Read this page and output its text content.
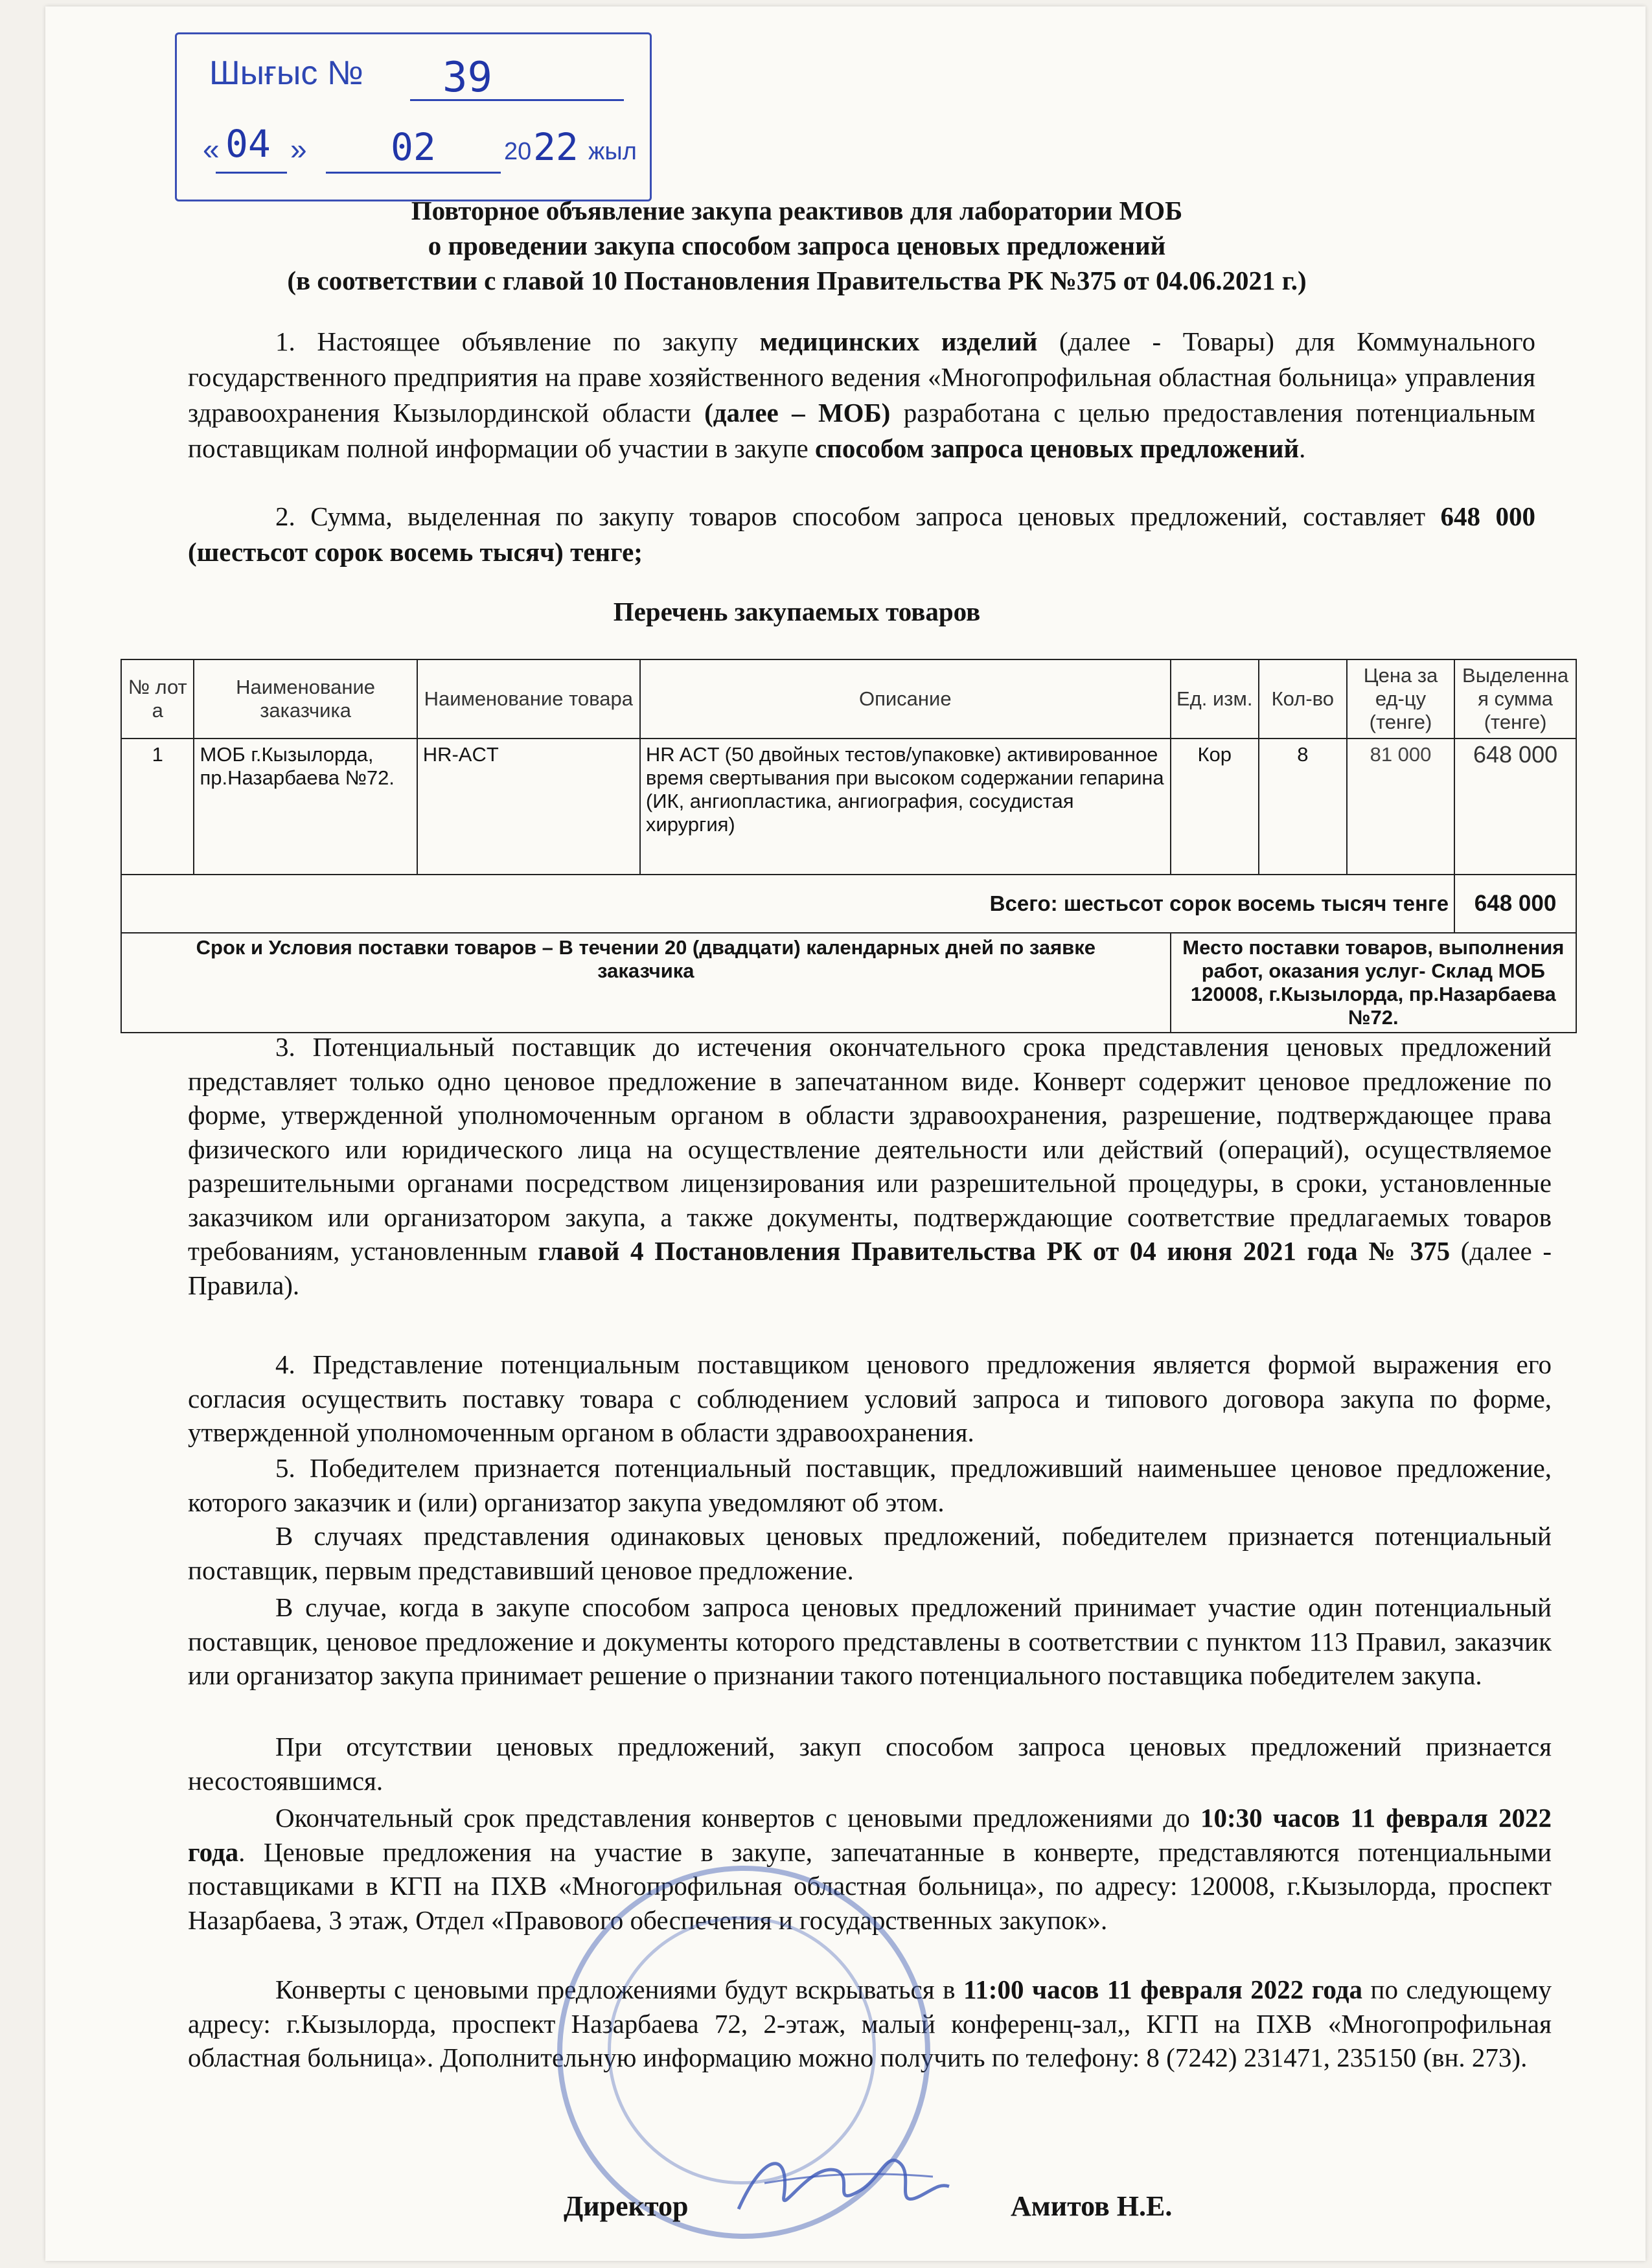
Шығыс № 39
« 04 » 02	20 22 жыл
Повторное объявление закупа реактивов для лаборатории МОБ
о проведении закупа способом запроса ценовых предложений
(в соответствии с главой 10 Постановления Правительства РК №375 от 04.06.2021 г.)
1. Настоящее объявление по закупу медицинских изделий (далее - Товары) для Коммунального государственного предприятия на праве хозяйственного ведения «Многопрофильная областная больница» управления здравоохранения Кызылординской области (далее – МОБ) разработана с целью предоставления потенциальным поставщикам полной информации об участии в закупе способом запроса ценовых предложений.
2. Сумма, выделенная по закупу товаров способом запроса ценовых предложений, составляет 648 000 (шестьсот сорок восемь тысяч) тенге;
Перечень закупаемых товаров
№ лот а	Наименование заказчика	Наименование товара	Описание	Ед. изм.	Кол-во	Цена за ед-цу (тенге)	Выделенна я сумма (тенге)
1	МОБ г.Кызылорда, пр.Назарбаева №72.	HR-ACT	HR ACT (50 двойных тестов/упаковке) активированное время свертывания при высоком содержании гепарина (ИК, ангиопластика, ангиография, сосудистая хирургия)	Кор	8	81 000	648 000
Всего: шестьсот сорок восемь тысяч тенге							648 000
Срок и Условия поставки товаров – В течении 20 (двадцати) календарных дней по заявке заказчика				Место поставки товаров, выполнения работ, оказания услуг- Склад МОБ 120008, г.Кызылорда, пр.Назарбаева №72.			
3. Потенциальный поставщик до истечения окончательного срока представления ценовых предложений представляет только одно ценовое предложение в запечатанном виде. Конверт содержит ценовое предложение по форме, утвержденной уполномоченным органом в области здравоохранения, разрешение, подтверждающее права физического или юридического лица на осуществление деятельности или действий (операций), осуществляемое разрешительными органами посредством лицензирования или разрешительной процедуры, в сроки, установленные заказчиком или организатором закупа, а также документы, подтверждающие соответствие предлагаемых товаров требованиям, установленным главой 4 Постановления Правительства РК от 04 июня 2021 года № 375 (далее - Правила).
4. Представление потенциальным поставщиком ценового предложения является формой выражения его согласия осуществить поставку товара с соблюдением условий запроса и типового договора закупа по форме, утвержденной уполномоченным органом в области здравоохранения.
5. Победителем признается потенциальный поставщик, предложивший наименьшее ценовое предложение, которого заказчик и (или) организатор закупа уведомляют об этом.
В случаях представления одинаковых ценовых предложений, победителем признается потенциальный поставщик, первым представивший ценовое предложение.
В случае, когда в закупе способом запроса ценовых предложений принимает участие один потенциальный поставщик, ценовое предложение и документы которого представлены в соответствии с пунктом 113 Правил, заказчик или организатор закупа принимает решение о признании такого потенциального поставщика победителем закупа.
При отсутствии ценовых предложений, закуп способом запроса ценовых предложений признается несостоявшимся.
Окончательный срок представления конвертов с ценовыми предложениями до 10:30 часов 11 февраля 2022 года. Ценовые предложения на участие в закупе, запечатанные в конверте, представляются потенциальными поставщиками в КГП на ПХВ «Многопрофильная областная больница», по адресу: 120008, г.Кызылорда, проспект Назарбаева, 3 этаж, Отдел «Правового обеспечения и государственных закупок».
Конверты с ценовыми предложениями будут вскрываться в 11:00 часов 11 февраля 2022 года по следующему адресу: г.Кызылорда, проспект Назарбаева 72, 2-этаж, малый конференц-зал,, КГП на ПХВ «Многопрофильная областная больница». Дополнительную информацию можно получить по телефону: 8 (7242) 231471, 235150 (вн. 273).
Директор	Амитов Н.Е.
